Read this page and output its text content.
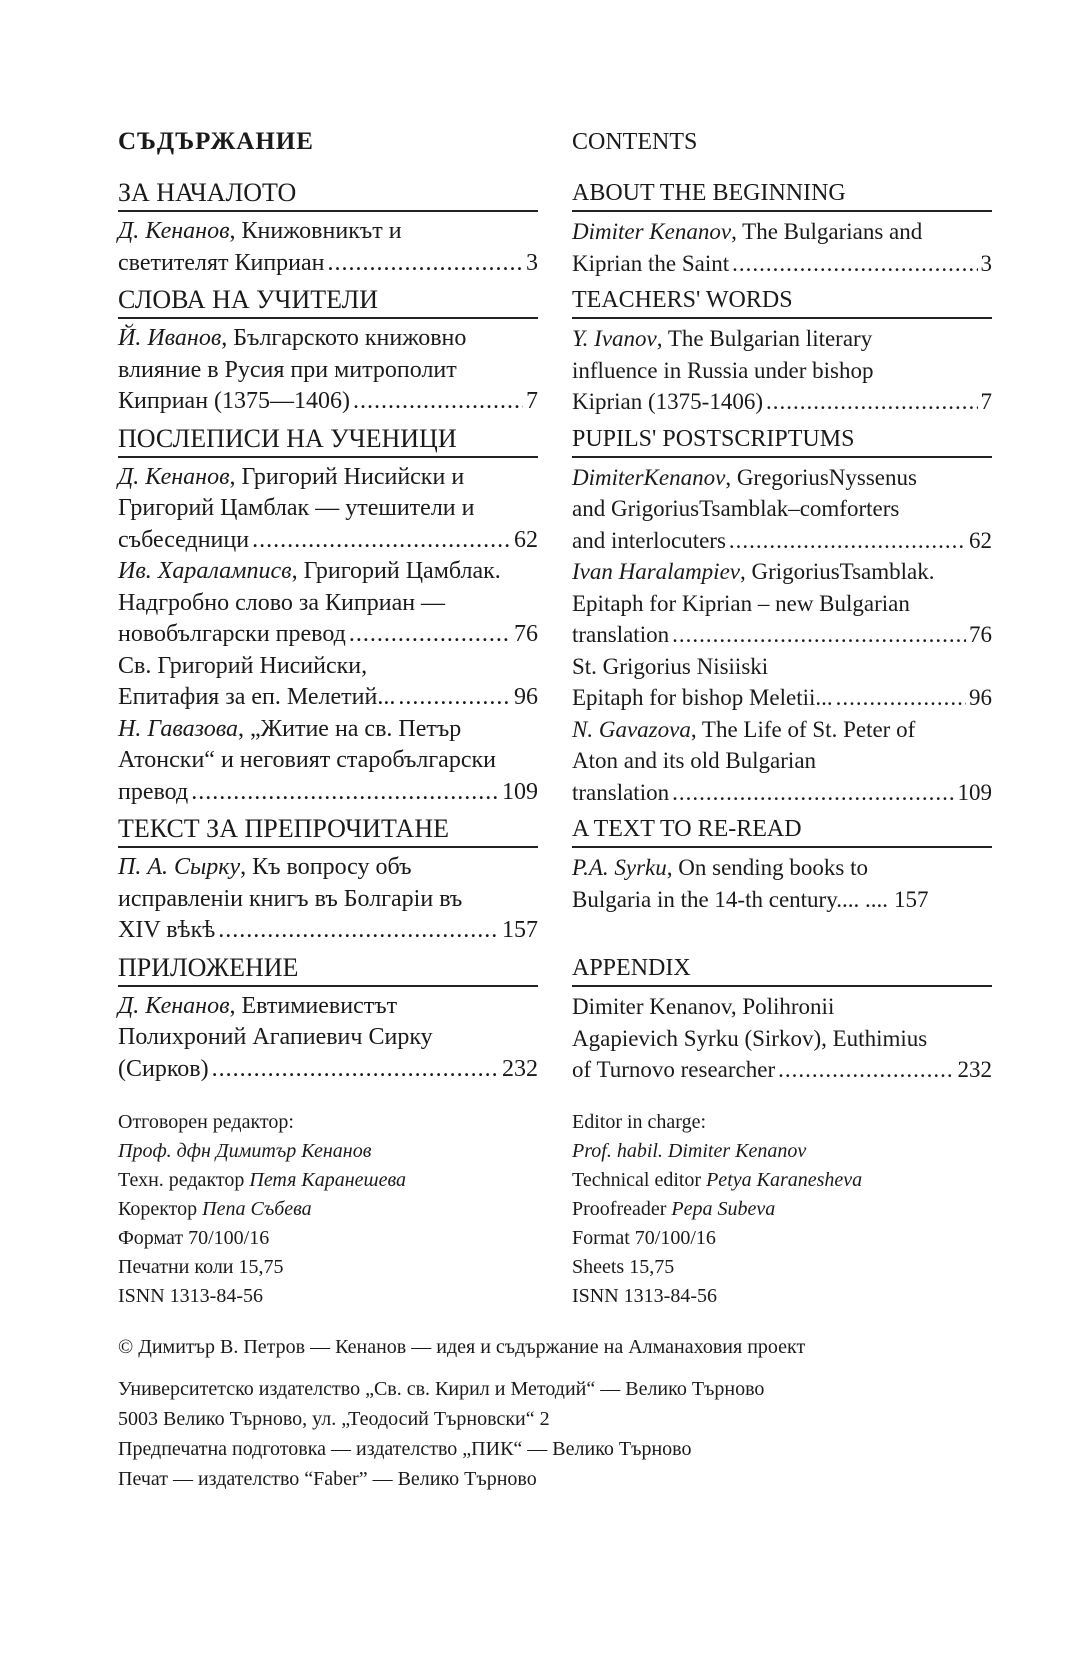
СЪДЪРЖАНИЕ
ЗА НАЧАЛОТО
Д. Кенанов, Книжовникът и
светителят Киприан .....	3
СЛОВА НА УЧИТЕЛИ
Й. Иванов, Българското книжовно
влияние в Русия при митрополит
Киприан (1375—1406) .....	7
ПОСЛЕПИСИ НА УЧЕНИЦИ
Д. Кенанов, Григорий Нисийски и
Григорий Цамблак — утешители и
събеседници .....	62
Ив. Хараламписв, Григорий Цамблак.
Надгробно слово за Киприан —
новобългарски превод .....	76
Св. Григорий Нисийски,
Епитафия за еп. Мелетий... .....	96
Н. Гавазова, „Житие на св. Петър
Атонски“ и неговият старобългарски
превод .....	109
ТЕКСТ ЗА ПРЕПРОЧИТАНЕ
П. А. Сырку, Къ вопросу объ
исправленіи книгъ въ Болгаріи въ
XIV вѣкѣ .....	157
ПРИЛОЖЕНИЕ
Д. Кенанов, Евтимиевистът
Полихроний Агапиевич Сирку
(Сирков) .....	232
CONTENTS
ABOUT THE BEGINNING
Dimiter Kenanov, The Bulgarians and
Kiprian the Saint .....	3
TEACHERS' WORDS
Y. Ivanov, The Bulgarian literary
influence in Russia under bishop
Kiprian (1375-1406) .....	7
PUPILS' POSTSCRIPTUMS
DimiterKenanov, GregoriusNyssenus
and GrigoriusTsamblak–comforters
and interlocuters .....	62
Ivan Haralampiev, GrigoriusTsamblak.
Epitaph for Kiprian – new Bulgarian
translation .....	76
St. Grigorius Nisiiski
Epitaph for bishop Meletii... .....	96
N. Gavazova, The Life of St. Peter of
Aton and its old Bulgarian
translation .....	109
A TEXT TO RE-READ
P.A. Syrku, On sending books to
Bulgaria in the 14-th century.... .... 157
APPENDIX
Dimiter Kenanov, Polihronii
Agapievich Syrku (Sirkov), Euthimius
of Turnovo researcher .....	232
Отговорен редактор:
Проф. дфн Димитър Кенанов
Техн. редактор Петя Каранешева
Коректор Пепа Събева
Формат 70/100/16
Печатни коли 15,75
ISNN 1313-84-56
Editor in charge:
Prof. habil. Dimiter Kenanov
Technical editor Petya Karanesheva
Proofreader Pepa Subeva
Format 70/100/16
Sheets 15,75
ISNN 1313-84-56
© Димитър В. Петров — Кенанов — идея и съдържание на Алманаховия проект
Университетско издателство „Св. св. Кирил и Методий“ — Велико Търново
5003 Велико Търново, ул. „Теодосий Търновски“ 2
Предпечатна подготовка — издателство „ПИК“ — Велико Търново
Печат — издателство “Faber” — Велико Търново
